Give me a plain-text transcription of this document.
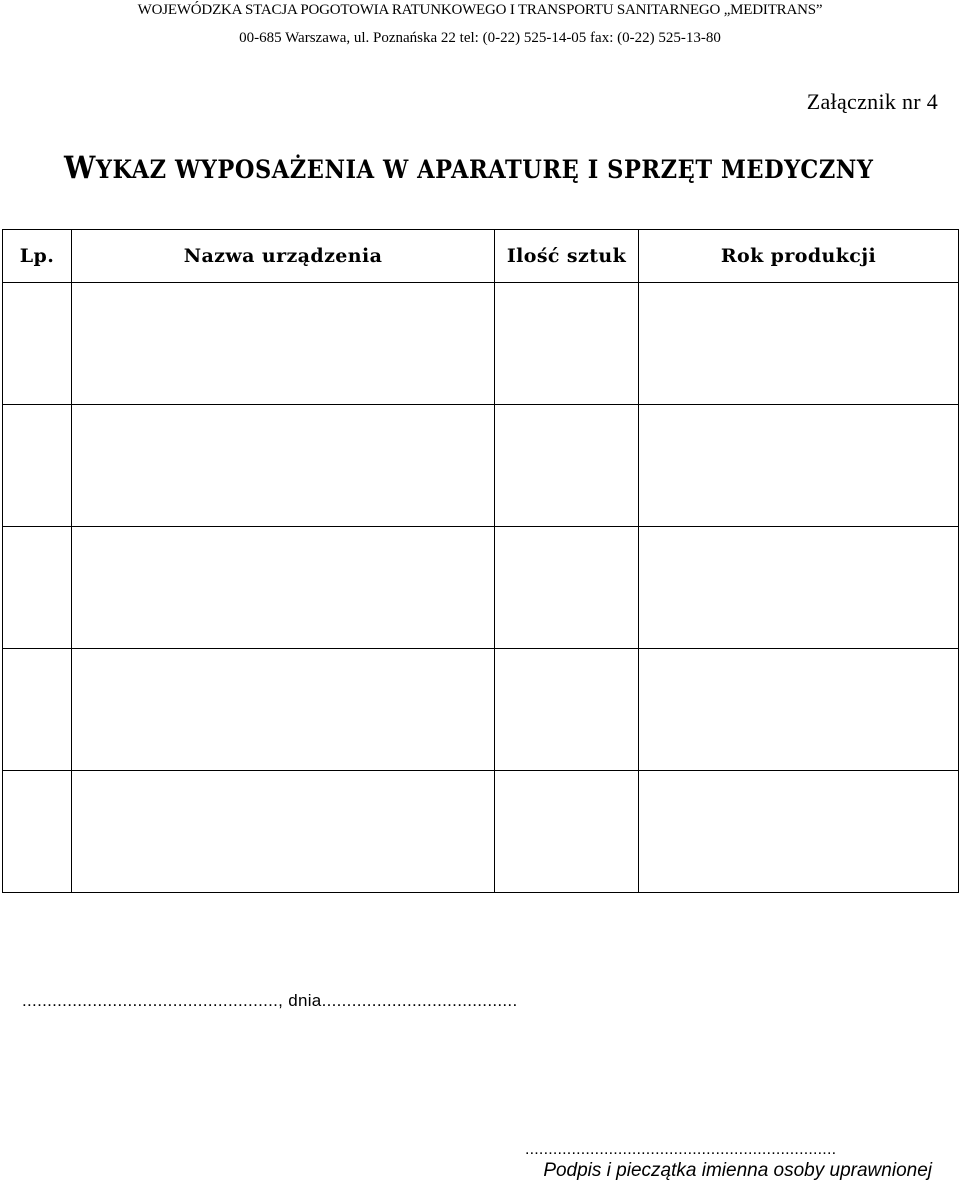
WOJEWÓDZKA STACJA POGOTOWIA RATUNKOWEGO I TRANSPORTU SANITARNEGO „MEDITRANS”
00-685 Warszawa, ul. Poznańska 22 tel: (0-22) 525-14-05 fax: (0-22) 525-13-80
Załącznik nr 4
WYKAZ WYPOSAŻENIA W APARATURĘ I SPRZĘT MEDYCZNY
Lp.	Nazwa urządzenia	Ilość sztuk	Rok produkcji

..................................................., dnia.......................................
...................................................................
Podpis i pieczątka imienna osoby uprawnionej
